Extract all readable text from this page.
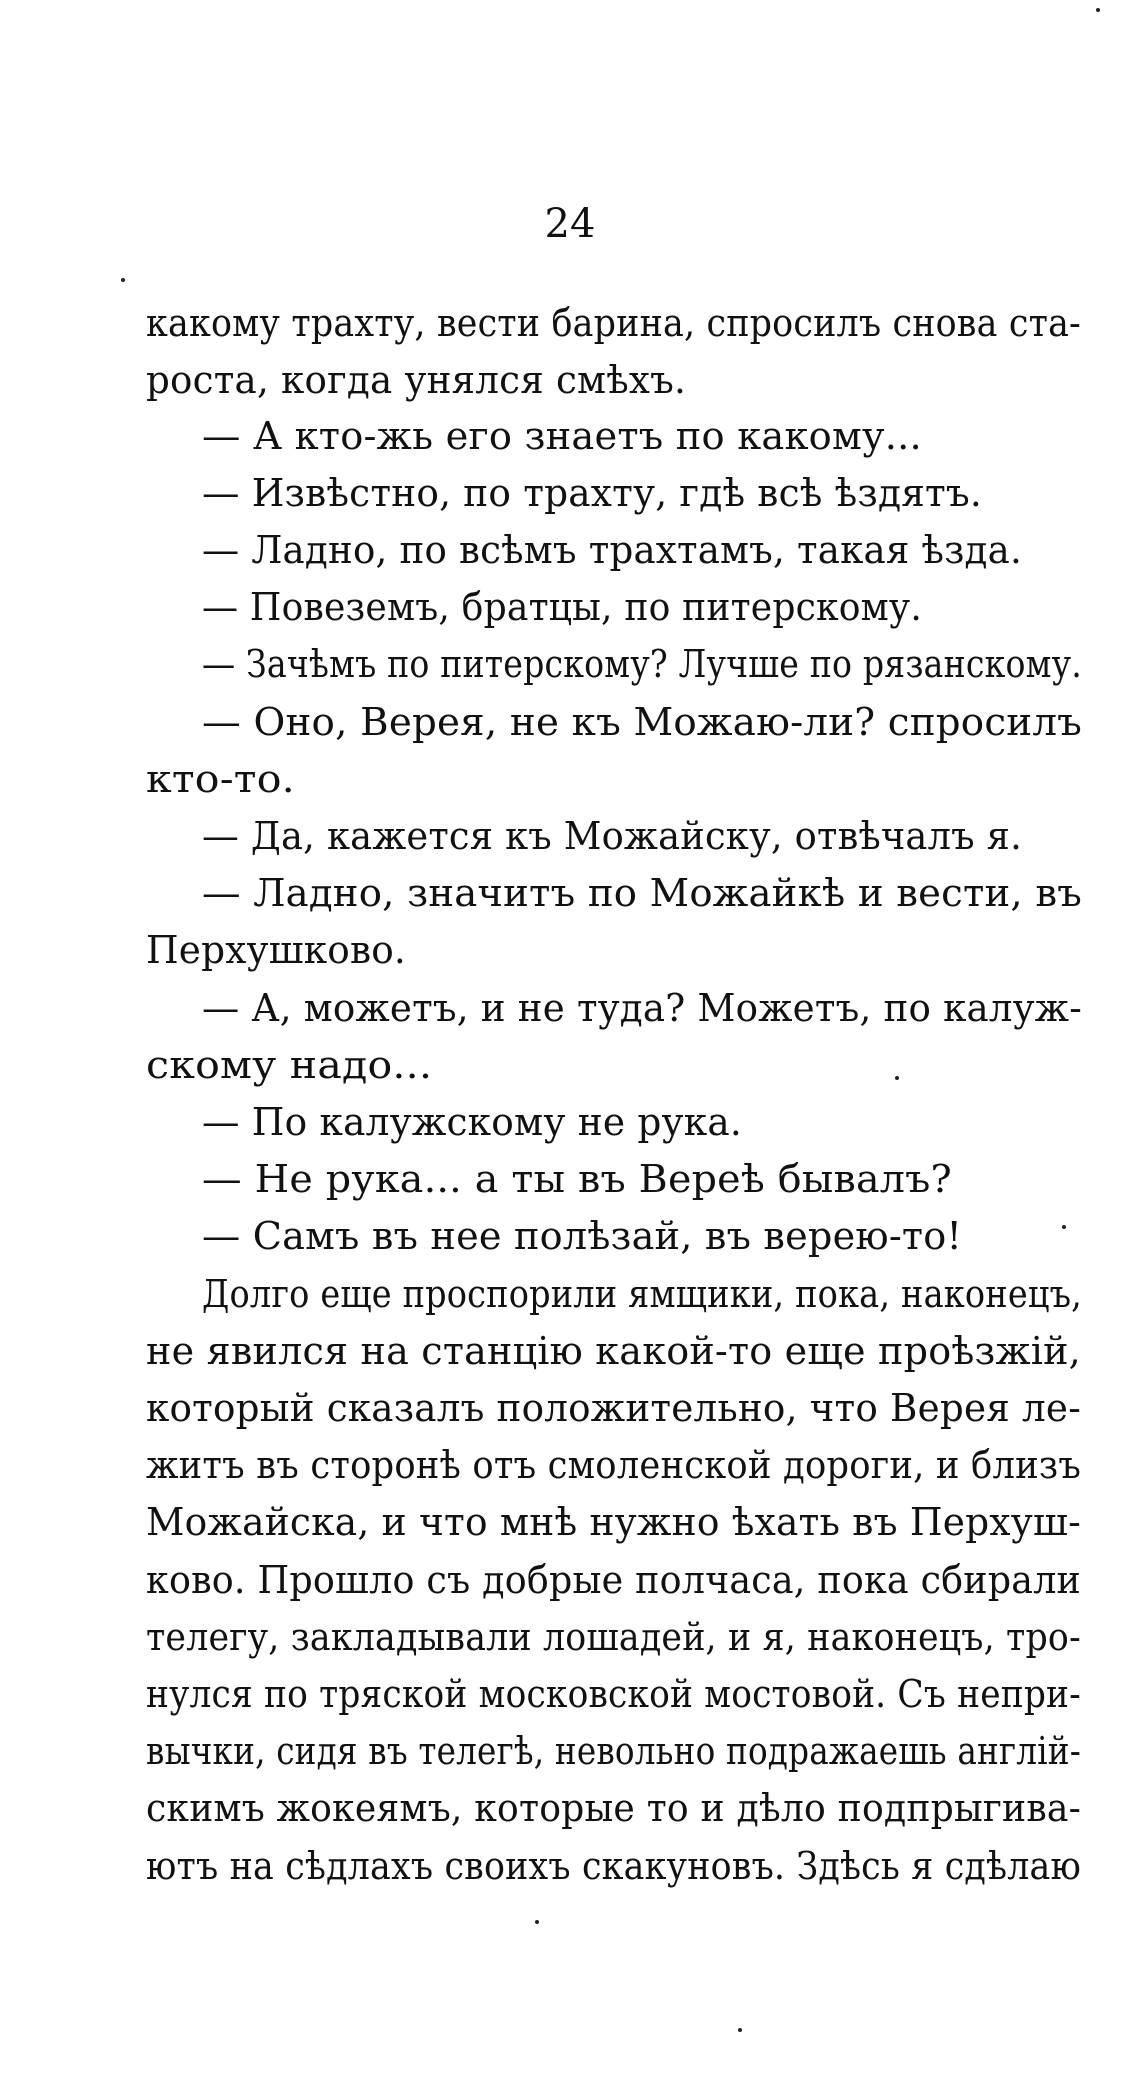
24
какому трахту, вести барина, спросилъ снова ста-
роста, когда унялся смѣхъ.
— А кто-жь его знаетъ по какому...
— Извѣстно, по трахту, гдѣ всѣ ѣздятъ.
— Ладно, по всѣмъ трахтамъ, такая ѣзда.
— Повеземъ, братцы, по питерскому.
— Зачѣмъ по питерскому? Лучше по рязанскому.
— Оно, Верея, не къ Можаю-ли? спросилъ
кто-то.
— Да, кажется къ Можайску, отвѣчалъ я.
— Ладно, значитъ по Можайкѣ и вести, въ
Перхушково.
— А, можетъ, и не туда? Можетъ, по калуж-
скому надо...
— По калужскому не рука.
— Не рука... а ты въ Вереѣ бывалъ?
— Самъ въ нее полѣзай, въ верею-то!
Долго еще проспорили ямщики, пока, наконецъ,
не явился на станцію какой-то еще проѣзжій,
который сказалъ положительно, что Верея ле-
житъ въ сторонѣ отъ смоленской дороги, и близъ
Можайска, и что мнѣ нужно ѣхать въ Перхуш-
ково. Прошло съ добрые полчаса, пока сбирали
телегу, закладывали лошадей, и я, наконецъ, тро-
нулся по тряской московской мостовой. Съ непри-
вычки, сидя въ телегѣ, невольно подражаешь англій-
скимъ жокеямъ, которые то и дѣло подпрыгива-
ютъ на сѣдлахъ своихъ скакуновъ. Здѣсь я сдѣлаю
